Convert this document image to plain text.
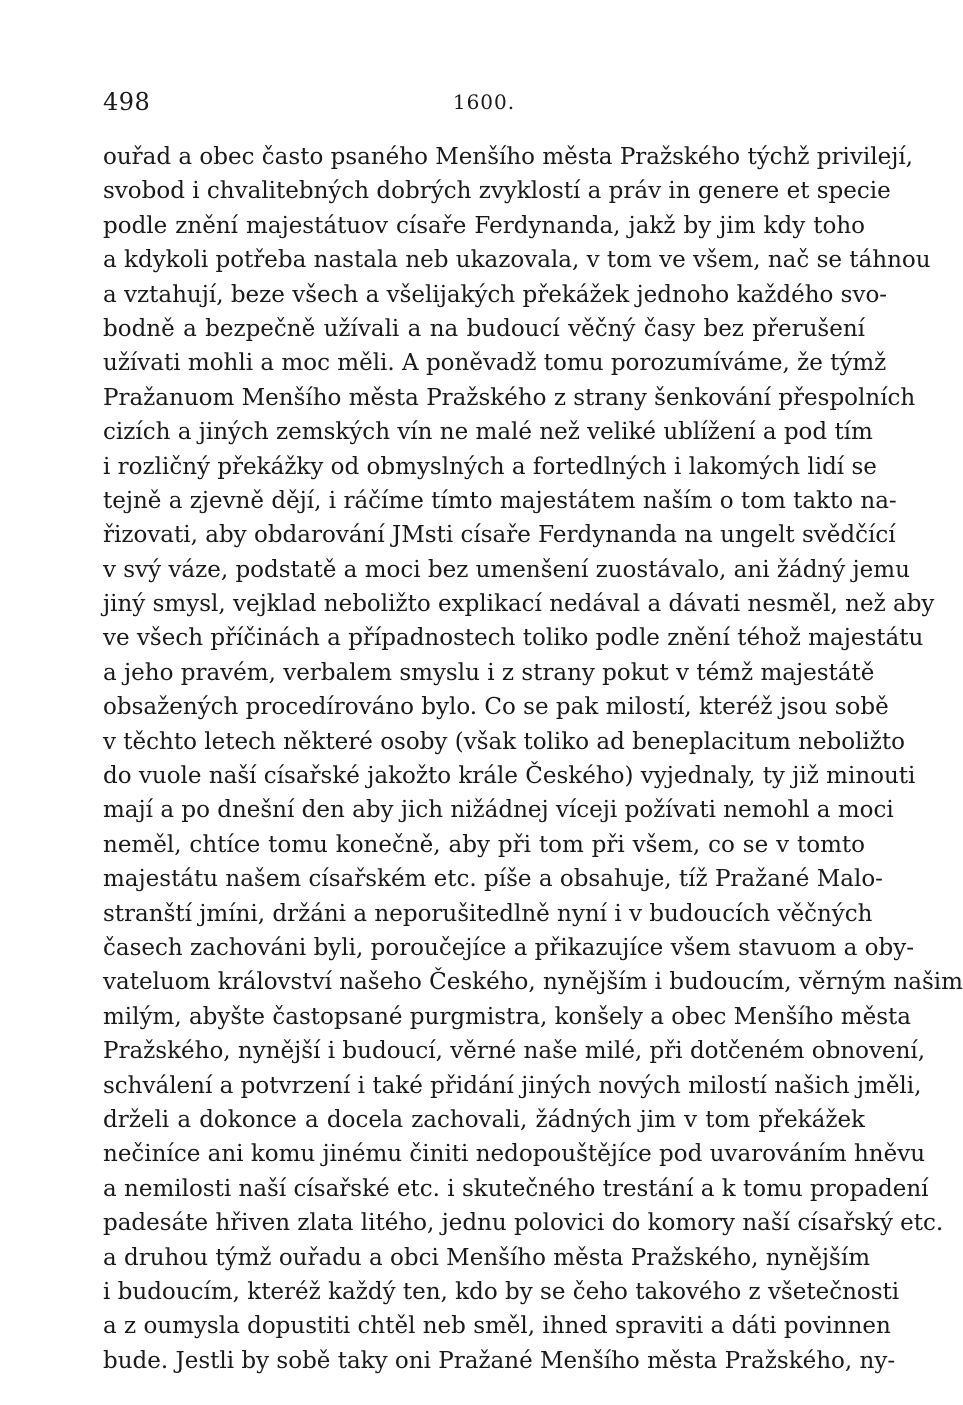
498	1600.
ouřad a obec často psaného Menšího města Pražského týchž privilejí,
svobod i chvalitebných dobrých zvyklostí a práv in genere et specie
podle znění majestátuov císaře Ferdynanda, jakž by jim kdy toho
a kdykoli potřeba nastala neb ukazovala, v tom ve všem, nač se táhnou
a vztahují, beze všech a všelijakých překážek jednoho každého svo-
bodně a bezpečně užívali a na budoucí věčný časy bez přerušení
užívati mohli a moc měli. A poněvadž tomu porozumíváme, že týmž
Pražanuom Menšího města Pražského z strany šenkování přespolních
cizích a jiných zemských vín ne malé než veliké ublížení a pod tím
i rozličný překážky od obmyslných a fortedlných i lakomých lidí se
tejně a zjevně dějí, i ráčíme tímto majestátem naším o tom takto na-
řizovati, aby obdarování JMsti císaře Ferdynanda na ungelt svědčící
v svý váze, podstatě a moci bez umenšení zuostávalo, ani žádný jemu
jiný smysl, vejklad neboližto explikací nedával a dávati nesměl, než aby
ve všech příčinách a případnostech toliko podle znění téhož majestátu
a jeho pravém, verbalem smyslu i z strany pokut v témž majestátě
obsažených procedírováno bylo. Co se pak milostí, kteréž jsou sobě
v těchto letech některé osoby (však toliko ad beneplacitum neboližto
do vuole naší císařské jakožto krále Českého) vyjednaly, ty již minouti
mají a po dnešní den aby jich nižádnej víceji požívati nemohl a moci
neměl, chtíce tomu konečně, aby při tom při všem, co se v tomto
majestátu našem císařském etc. píše a obsahuje, tíž Pražané Malo-
stranští jmíni, držáni a neporušitedlně nyní i v budoucích věčných
časech zachováni byli, poroučejíce a přikazujíce všem stavuom a oby-
vateluom království našeho Českého, nynějším i budoucím, věrným našim
milým, abyšte častopsané purgmistra, konšely a obec Menšího města
Pražského, nynější i budoucí, věrné naše milé, při dotčeném obnovení,
schválení a potvrzení i také přidání jiných nových milostí našich jměli,
drželi a dokonce a docela zachovali, žádných jim v tom překážek
nečiníce ani komu jinému činiti nedopouštějíce pod uvarováním hněvu
a nemilosti naší císařské etc. i skutečného trestání a k tomu propadení
padesáte hřiven zlata litého, jednu polovici do komory naší císařský etc.
a druhou týmž ouřadu a obci Menšího města Pražského, nynějším
i budoucím, kteréž každý ten, kdo by se čeho takového z všetečnosti
a z oumysla dopustiti chtěl neb směl, ihned spraviti a dáti povinnen
bude. Jestli by sobě taky oni Pražané Menšího města Pražského, ny-
